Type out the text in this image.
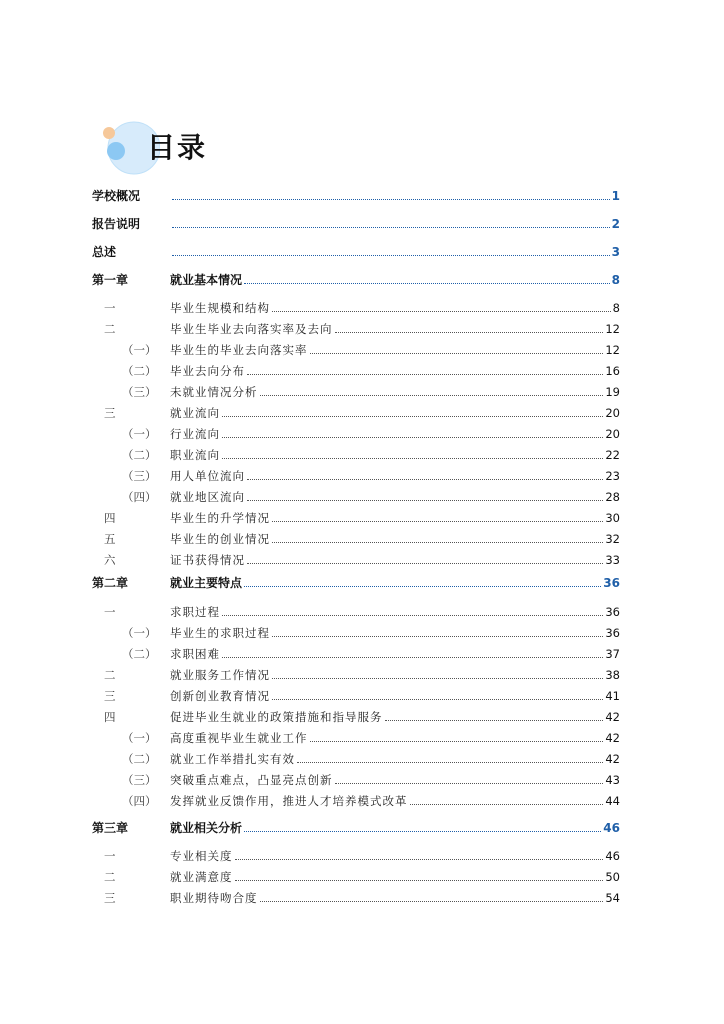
目录
学校概况	1
报告说明	2
总述	3
第一章	就业基本情况	8
一	毕业生规模和结构	8
二	毕业生毕业去向落实率及去向	12
（一）	毕业生的毕业去向落实率	12
（二）	毕业去向分布	16
（三）	未就业情况分析	19
三	就业流向	20
（一）	行业流向	20
（二）	职业流向	22
（三）	用人单位流向	23
（四）	就业地区流向	28
四	毕业生的升学情况	30
五	毕业生的创业情况	32
六	证书获得情况	33
第二章	就业主要特点	36
一	求职过程	36
（一）	毕业生的求职过程	36
（二）	求职困难	37
二	就业服务工作情况	38
三	创新创业教育情况	41
四	促进毕业生就业的政策措施和指导服务	42
（一）	高度重视毕业生就业工作	42
（二）	就业工作举措扎实有效	42
（三）	突破重点难点，凸显亮点创新	43
（四）	发挥就业反馈作用，推进人才培养模式改革	44
第三章	就业相关分析	46
一	专业相关度	46
二	就业满意度	50
三	职业期待吻合度	54
